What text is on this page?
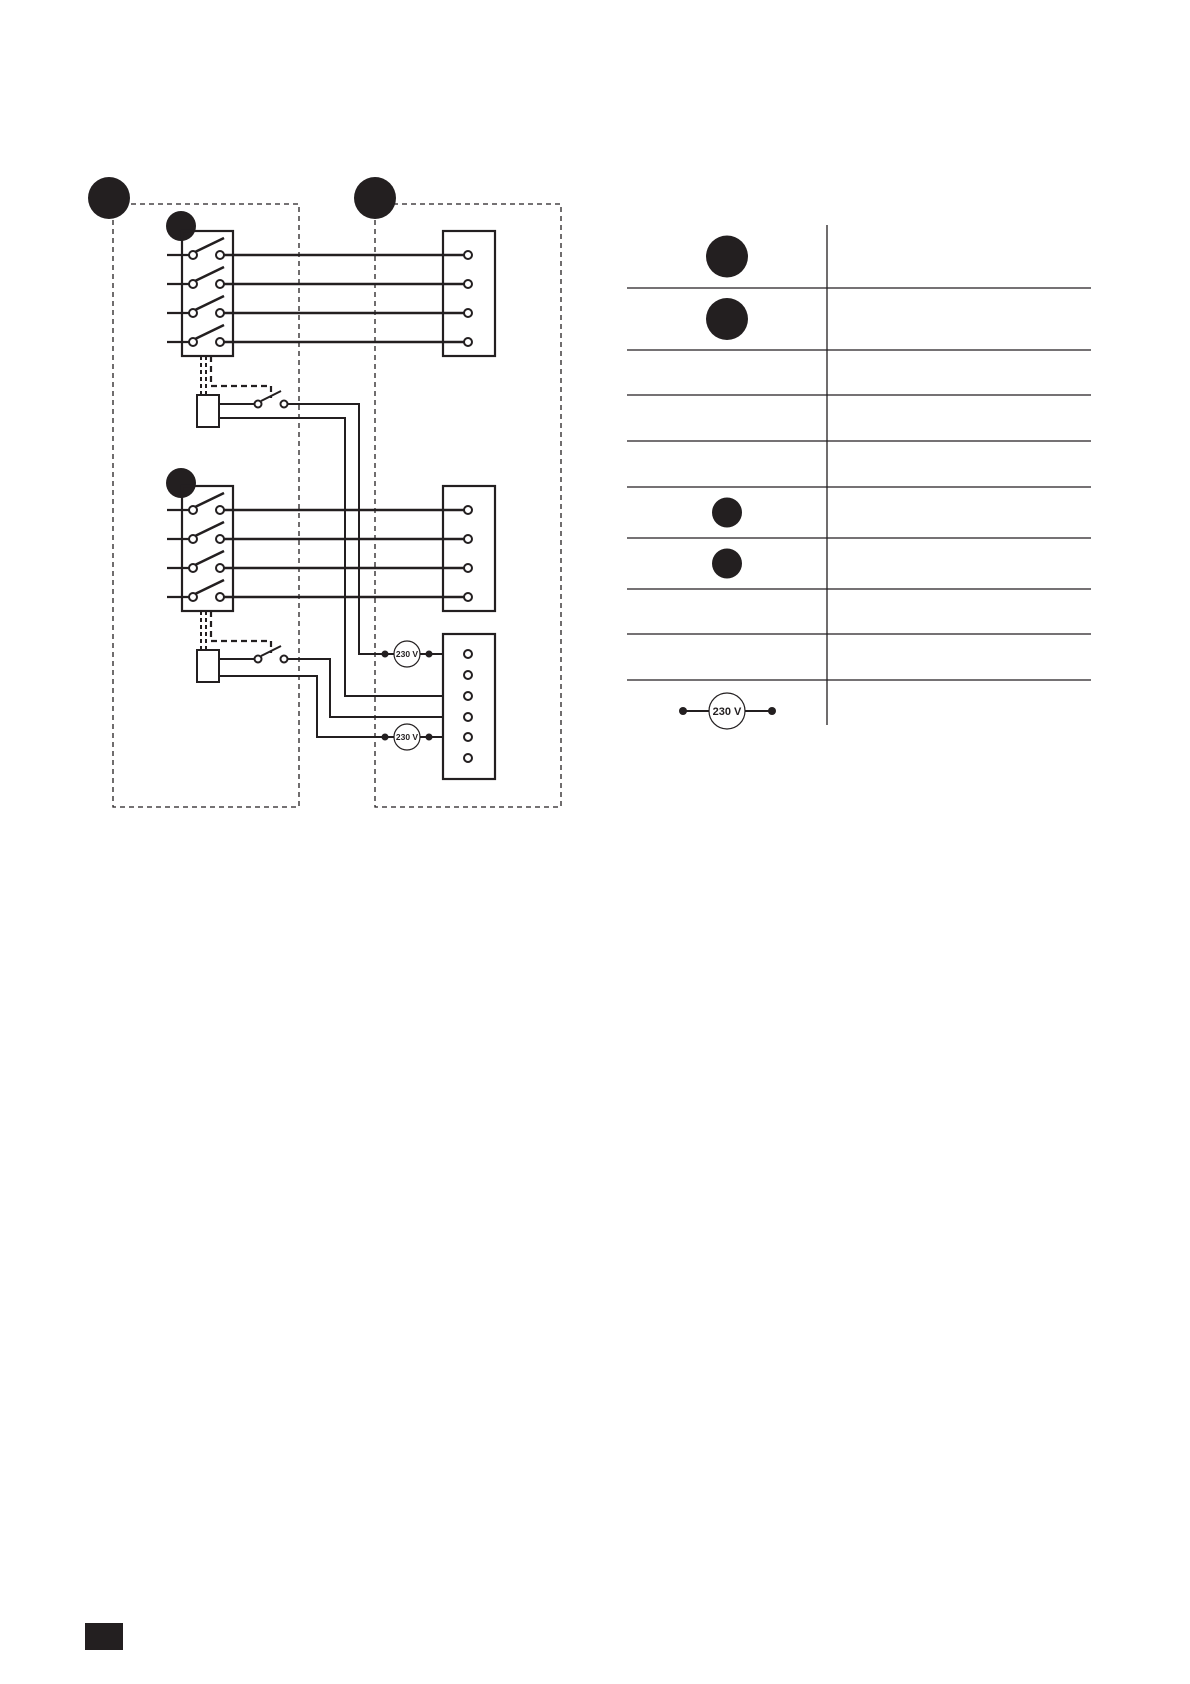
230 V
230 V
230 V
